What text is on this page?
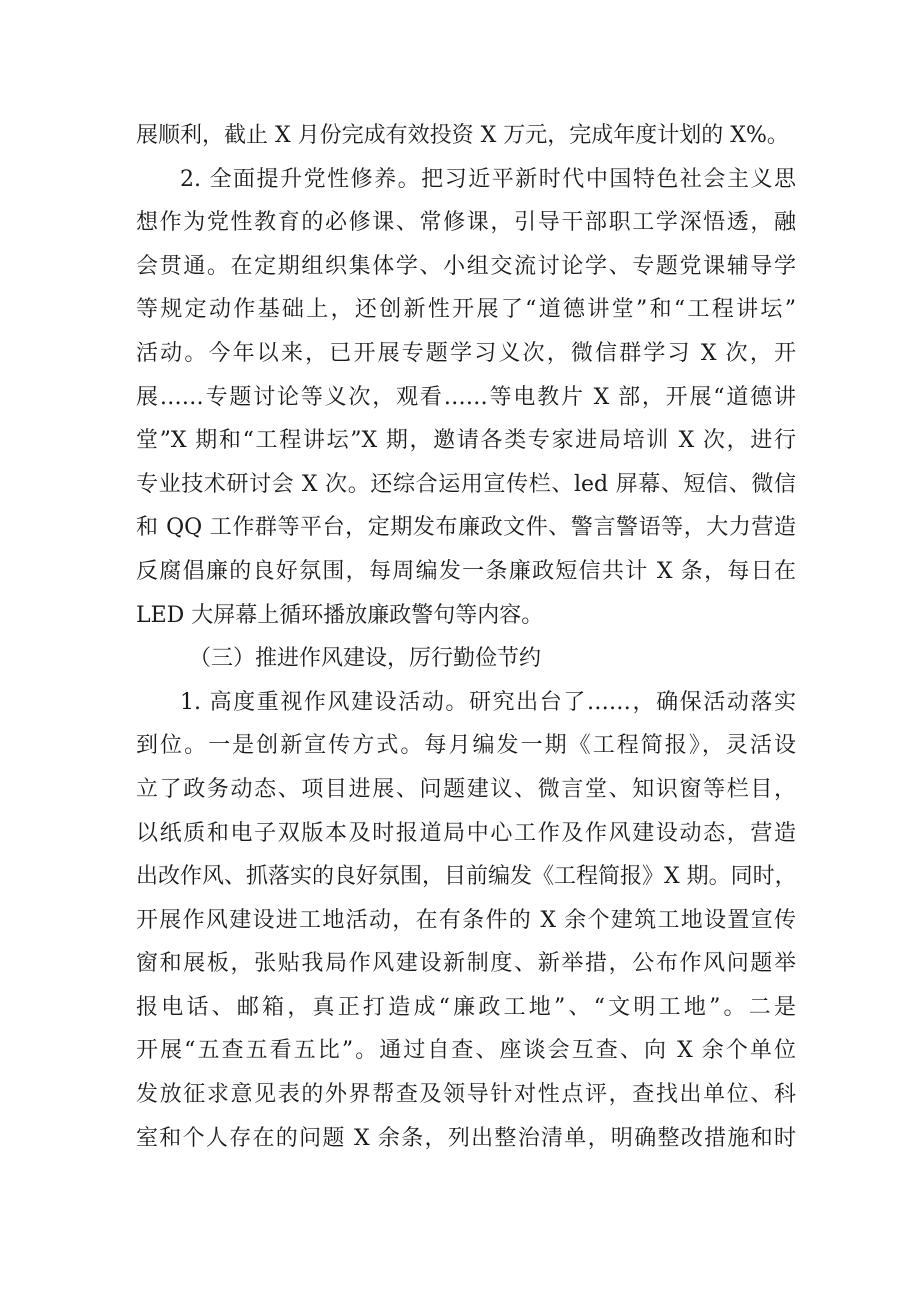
展顺利，截止 X 月份完成有效投资 X 万元，完成年度计划的 X%。
2. 全面提升党性修养。把习近平新时代中国特色社会主义思
想作为党性教育的必修课、常修课，引导干部职工学深悟透，融
会贯通。在定期组织集体学、小组交流讨论学、专题党课辅导学
等规定动作基础上，还创新性开展了“道德讲堂”和“工程讲坛”
活动。今年以来，已开展专题学习义次，微信群学习 X 次，开
展……专题讨论等义次，观看……等电教片 X 部，开展“道德讲
堂”X 期和“工程讲坛”X 期，邀请各类专家进局培训 X 次，进行
专业技术研讨会 X 次。还综合运用宣传栏、led 屏幕、短信、微信
和 QQ 工作群等平台，定期发布廉政文件、警言警语等，大力营造
反腐倡廉的良好氛围，每周编发一条廉政短信共计 X 条，每日在
LED 大屏幕上循环播放廉政警句等内容。
（三）推进作风建设，厉行勤俭节约
1. 高度重视作风建设活动。研究出台了……，确保活动落实
到位。一是创新宣传方式。每月编发一期《工程简报》，灵活设
立了政务动态、项目进展、问题建议、微言堂、知识窗等栏目，
以纸质和电子双版本及时报道局中心工作及作风建设动态，营造
出改作风、抓落实的良好氛围，目前编发《工程简报》X 期。同时，
开展作风建设进工地活动，在有条件的 X 余个建筑工地设置宣传
窗和展板，张贴我局作风建设新制度、新举措，公布作风问题举
报电话、邮箱，真正打造成“廉政工地”、“文明工地”。二是
开展“五查五看五比”。通过自查、座谈会互查、向 X 余个单位
发放征求意见表的外界帮查及领导针对性点评，查找出单位、科
室和个人存在的问题 X 余条，列出整治清单，明确整改措施和时
